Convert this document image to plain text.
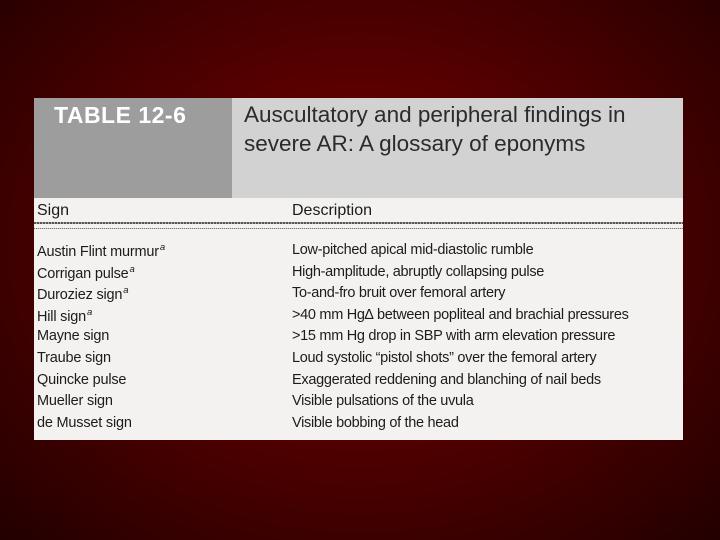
TABLE 12-6	Auscultatory and peripheral findings in severe AR: A glossary of eponyms
Sign	Description
Austin Flint murmur$^a$	Low-pitched apical mid-diastolic rumble
Corrigan pulse$^a$	High-amplitude, abruptly collapsing pulse
Duroziez sign$^a$	To-and-fro bruit over femoral artery
Hill sign$^a$	>40 mm Hg∆ between popliteal and brachial pressures
Mayne sign	>15 mm Hg drop in SBP with arm elevation pressure
Traube sign	Loud systolic “pistol shots” over the femoral artery
Quincke pulse	Exaggerated reddening and blanching of nail beds
Mueller sign	Visible pulsations of the uvula
de Musset sign	Visible bobbing of the head
